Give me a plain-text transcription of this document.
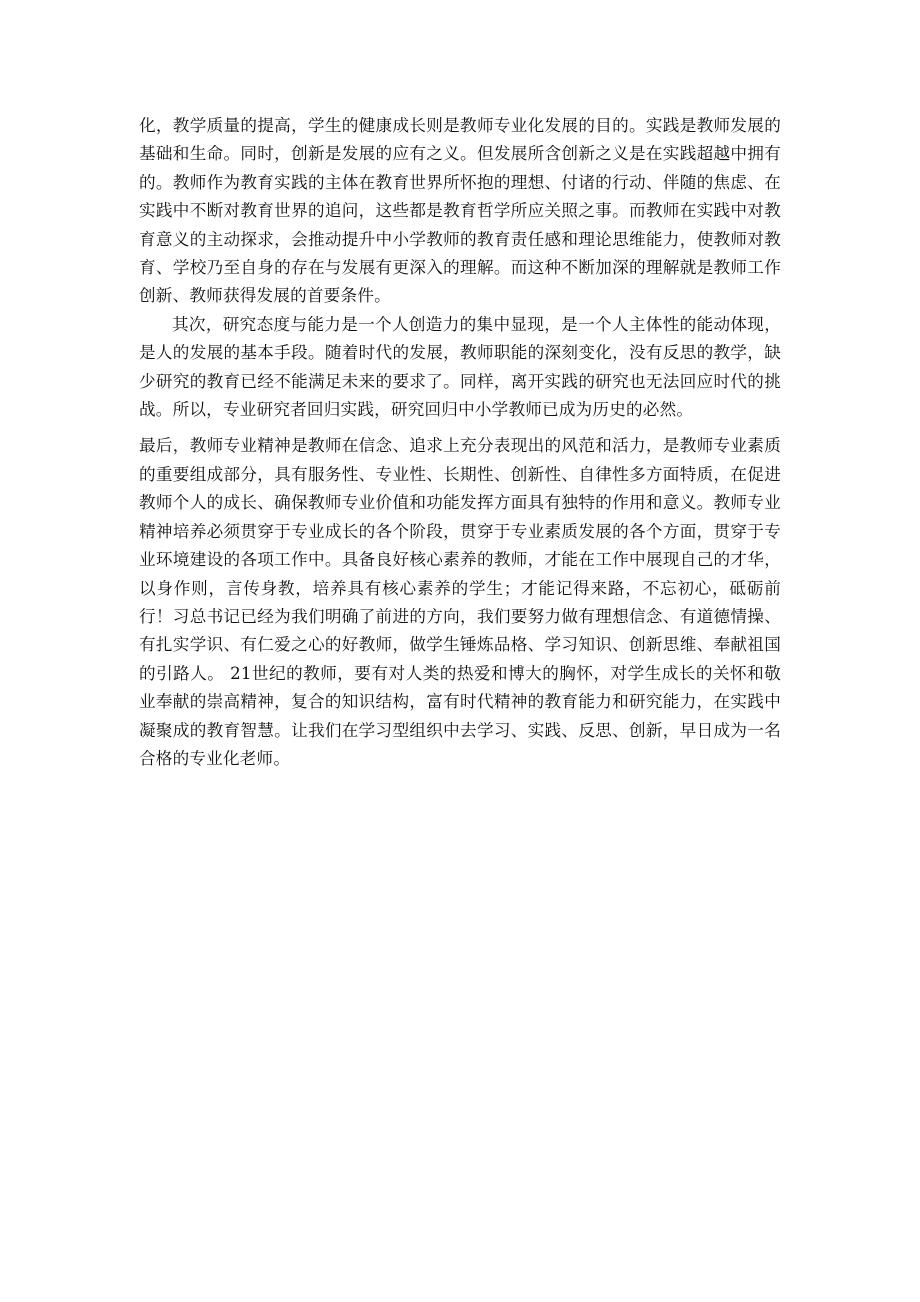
化，教学质量的提高，学生的健康成长则是教师专业化发展的目的。实践是教师发展的基础和生命。同时，创新是发展的应有之义。但发展所含创新之义是在实践超越中拥有的。教师作为教育实践的主体在教育世界所怀抱的理想、付诸的行动、伴随的焦虑、在实践中不断对教育世界的追问，这些都是教育哲学所应关照之事。而教师在实践中对教育意义的主动探求，会推动提升中小学教师的教育责任感和理论思维能力，使教师对教育、学校乃至自身的存在与发展有更深入的理解。而这种不断加深的理解就是教师工作创新、教师获得发展的首要条件。

其次，研究态度与能力是一个人创造力的集中显现，是一个人主体性的能动体现，是人的发展的基本手段。随着时代的发展，教师职能的深刻变化，没有反思的教学，缺少研究的教育已经不能满足未来的要求了。同样，离开实践的研究也无法回应时代的挑战。所以，专业研究者回归实践，研究回归中小学教师已成为历史的必然。

最后，教师专业精神是教师在信念、追求上充分表现出的风范和活力，是教师专业素质的重要组成部分，具有服务性、专业性、长期性、创新性、自律性多方面特质，在促进教师个人的成长、确保教师专业价值和功能发挥方面具有独特的作用和意义。教师专业精神培养必须贯穿于专业成长的各个阶段，贯穿于专业素质发展的各个方面，贯穿于专业环境建设的各项工作中。具备良好核心素养的教师，才能在工作中展现自己的才华，以身作则，言传身教，培养具有核心素养的学生；才能记得来路，不忘初心，砥砺前行！习总书记已经为我们明确了前进的方向，我们要努力做有理想信念、有道德情操、有扎实学识、有仁爱之心的好教师，做学生锤炼品格、学习知识、创新思维、奉献祖国的引路人。 21世纪的教师，要有对人类的热爱和博大的胸怀，对学生成长的关怀和敬业奉献的崇高精神，复合的知识结构，富有时代精神的教育能力和研究能力，在实践中凝聚成的教育智慧。让我们在学习型组织中去学习、实践、反思、创新，早日成为一名合格的专业化老师。
